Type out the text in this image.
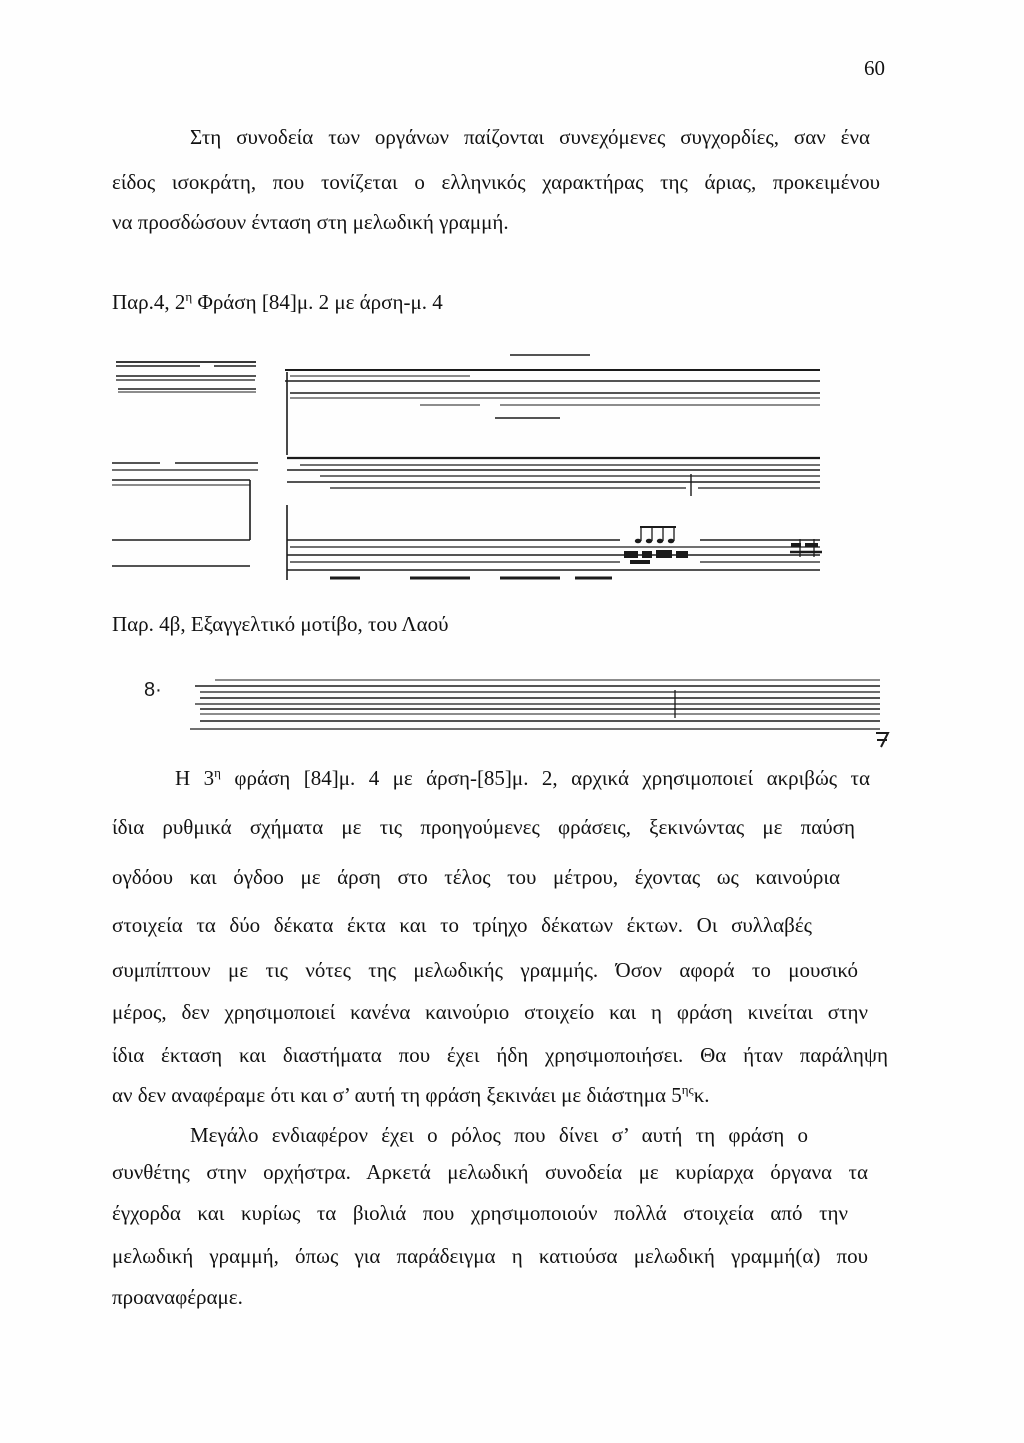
60
Στη συνοδεία των οργάνων παίζονται συνεχόμενες συγχορδίες, σαν ένα
είδος ισοκράτη, που τονίζεται ο ελληνικός χαρακτήρας της άριας, προκειμένου
να προσδώσουν ένταση στη μελωδική γραμμή.
Παρ.4, $2^\eta$ Φράση [84]μ. 2 με άρση-μ. 4
Παρ. 4β, Εξαγγελτικό μοτίβο, του Λαού
8·
Η $3^\eta$ φράση [84]μ. 4 με άρση-[85]μ. 2, αρχικά χρησιμοποιεί ακριβώς τα
ίδια ρυθμικά σχήματα με τις προηγούμενες φράσεις, ξεκινώντας με παύση
ογδόου και όγδοο με άρση στο τέλος του μέτρου, έχοντας ως καινούρια
στοιχεία τα δύο δέκατα έκτα και το τρίηχο δέκατων έκτων. Οι συλλαβές
συμπίπτουν με τις νότες της μελωδικής γραμμής. Όσον αφορά το μουσικό
μέρος, δεν χρησιμοποιεί κανένα καινούριο στοιχείο και η φράση κινείται στην
ίδια έκταση και διαστήματα που έχει ήδη χρησιμοποιήσει. Θα ήταν παράληψη
αν δεν αναφέραμε ότι και σ’ αυτή τη φράση ξεκινάει με διάστημα $5^{\eta\varsigma}\kappa$.
Μεγάλο ενδιαφέρον έχει ο ρόλος που δίνει σ’ αυτή τη φράση ο
συνθέτης στην ορχήστρα. Αρκετά μελωδική συνοδεία με κυρίαρχα όργανα τα
έγχορδα και κυρίως τα βιολιά που χρησιμοποιούν πολλά στοιχεία από την
μελωδική γραμμή, όπως για παράδειγμα η κατιούσα μελωδική γραμμή(α) που
προαναφέραμε.
